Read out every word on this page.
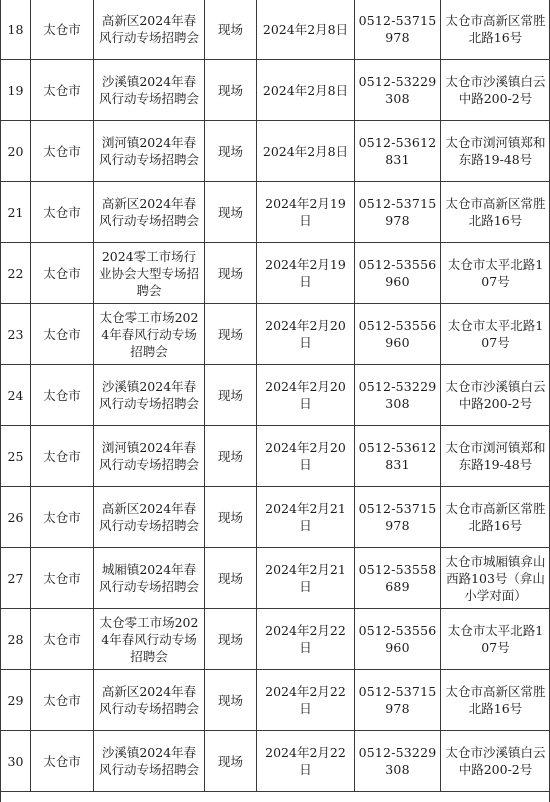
18	太仓市	高新区2024年春风行动专场招聘会	现场	2024年2月8日	0512-53715978	太仓市高新区常胜北路16号
19	太仓市	沙溪镇2024年春风行动专场招聘会	现场	2024年2月8日	0512-53229308	太仓市沙溪镇白云中路200-2号
20	太仓市	浏河镇2024年春风行动专场招聘会	现场	2024年2月8日	0512-53612831	太仓市浏河镇郑和东路19-48号
21	太仓市	高新区2024年春风行动专场招聘会	现场	2024年2月19日	0512-53715978	太仓市高新区常胜北路16号
22	太仓市	2024零工市场行业协会大型专场招聘会	现场	2024年2月19日	0512-53556960	太仓市太平北路107号
23	太仓市	太仓零工市场2024年春风行动专场招聘会	现场	2024年2月20日	0512-53556960	太仓市太平北路107号
24	太仓市	沙溪镇2024年春风行动专场招聘会	现场	2024年2月20日	0512-53229308	太仓市沙溪镇白云中路200-2号
25	太仓市	浏河镇2024年春风行动专场招聘会	现场	2024年2月20日	0512-53612831	太仓市浏河镇郑和东路19-48号
26	太仓市	高新区2024年春风行动专场招聘会	现场	2024年2月21日	0512-53715978	太仓市高新区常胜北路16号
27	太仓市	城厢镇2024年春风行动专场招聘会	现场	2024年2月21日	0512-53558689	太仓市城厢镇弇山西路103号（弇山小学对面）
28	太仓市	太仓零工市场2024年春风行动专场招聘会	现场	2024年2月22日	0512-53556960	太仓市太平北路107号
29	太仓市	高新区2024年春风行动专场招聘会	现场	2024年2月22日	0512-53715978	太仓市高新区常胜北路16号
30	太仓市	沙溪镇2024年春风行动专场招聘会	现场	2024年2月22日	0512-53229308	太仓市沙溪镇白云中路200-2号
